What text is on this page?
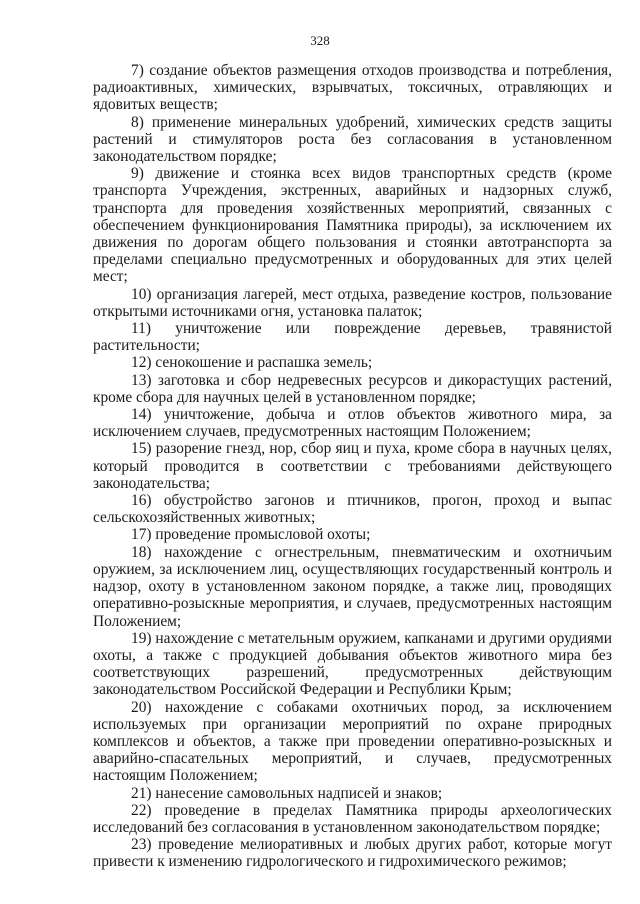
328

7) создание объектов размещения отходов производства и потребления, радиоактивных, химических, взрывчатых, токсичных, отравляющих и ядовитых веществ;

8) применение минеральных удобрений, химических средств защиты растений и стимуляторов роста без согласования в установленном законодательством порядке;

9) движение и стоянка всех видов транспортных средств (кроме транспорта Учреждения, экстренных, аварийных и надзорных служб, транспорта для проведения хозяйственных мероприятий, связанных с обеспечением функционирования Памятника природы), за исключением их движения по дорогам общего пользования и стоянки автотранспорта за пределами специально предусмотренных и оборудованных для этих целей мест;

10) организация лагерей, мест отдыха, разведение костров, пользование открытыми источниками огня, установка палаток;

11) уничтожение или повреждение деревьев, травянистой растительности;

12) сенокошение и распашка земель;

13) заготовка и сбор недревесных ресурсов и дикорастущих растений, кроме сбора для научных целей в установленном порядке;

14) уничтожение, добыча и отлов объектов животного мира, за исключением случаев, предусмотренных настоящим Положением;

15) разорение гнезд, нор, сбор яиц и пуха, кроме сбора в научных целях, который проводится в соответствии с требованиями действующего законодательства;

16) обустройство загонов и птичников, прогон, проход и выпас сельскохозяйственных животных;

17) проведение промысловой охоты;

18) нахождение с огнестрельным, пневматическим и охотничьим оружием, за исключением лиц, осуществляющих государственный контроль и надзор, охоту в установленном законом порядке, а также лиц, проводящих оперативно-розыскные мероприятия, и случаев, предусмотренных настоящим Положением;

19) нахождение с метательным оружием, капканами и другими орудиями охоты, а также с продукцией добывания объектов животного мира без соответствующих разрешений, предусмотренных действующим законодательством Российской Федерации и Республики Крым;

20) нахождение с собаками охотничьих пород, за исключением используемых при организации мероприятий по охране природных комплексов и объектов, а также при проведении оперативно-розыскных и аварийно-спасательных мероприятий, и случаев, предусмотренных настоящим Положением;

21) нанесение самовольных надписей и знаков;

22) проведение в пределах Памятника природы археологических исследований без согласования в установленном законодательством порядке;

23) проведение мелиоративных и любых других работ, которые могут привести к изменению гидрологического и гидрохимического режимов;
